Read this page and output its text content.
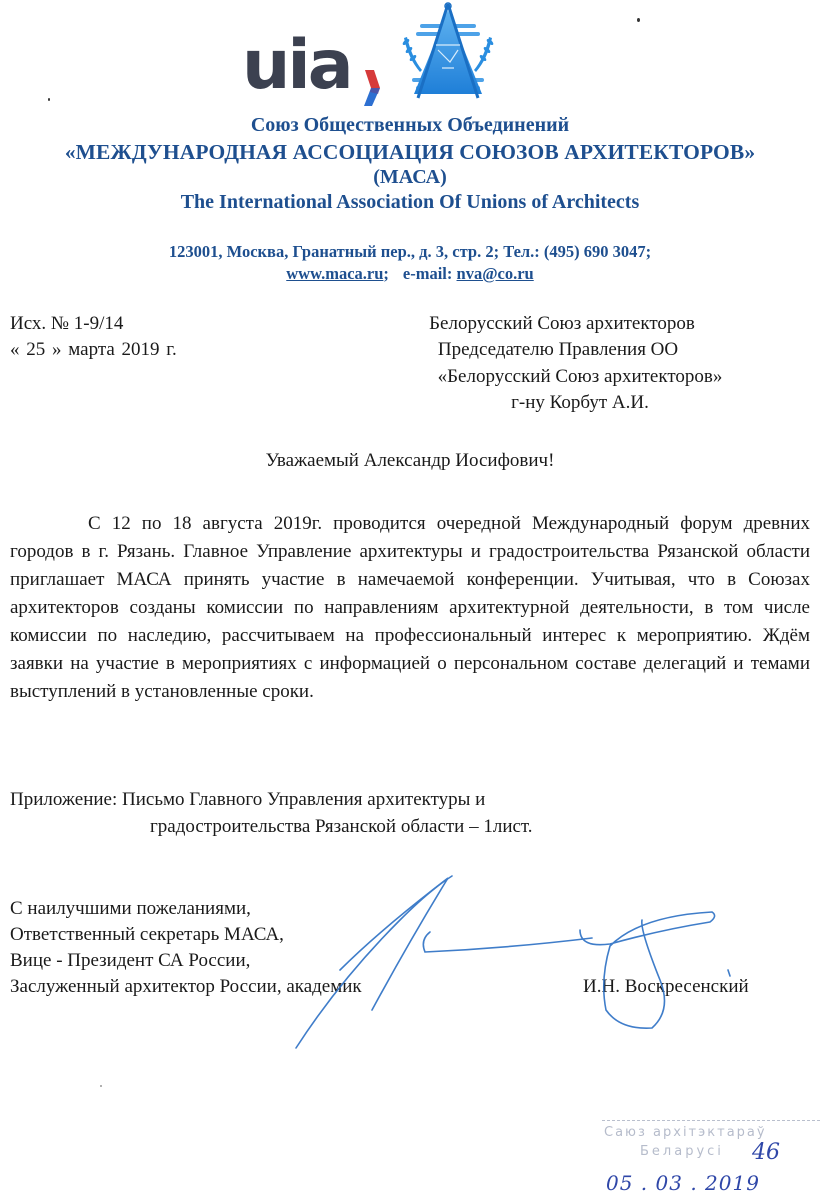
uia
Союз Общественных Объединений
«МЕЖДУНАРОДНАЯ АССОЦИАЦИЯ СОЮЗОВ АРХИТЕКТОРОВ»
(МАСА)
The International Association Of Unions of Architects
123001, Москва, Гранатный пер., д. 3, стр. 2; Тел.: (495) 690 3047;
www.maca.ru; e-mail: nva@co.ru
Исх. № 1-9/14
« 25 » марта 2019 г.
Белорусский Союз архитекторов
Председателю Правления ОО
«Белорусский Союз архитекторов»
г-ну Корбут А.И.
Уважаемый Александр Иосифович!
С 12 по 18 августа 2019г. проводится очередной Международный форум древних городов в г. Рязань. Главное Управление архитектуры и градостроительства Рязанской области приглашает МАСА принять участие в намечаемой конференции. Учитывая, что в Союзах архитекторов созданы комиссии по направлениям архитектурной деятельности, в том числе комиссии по наследию, рассчитываем на профессиональный интерес к мероприятию. Ждём заявки на участие в мероприятиях с информацией о персональном составе делегаций и темами выступлений в установленные сроки.
Приложение: Письмо Главного Управления архитектуры и
градостроительства Рязанской области – 1лист.
С наилучшими пожеланиями,
Ответственный секретарь МАСА,
Вице - Президент СА России,
Заслуженный архитектор России, академик	И.Н. Воскресенский
Саюз архітэктараў
Беларусі 46
05 . 03 . 2019
